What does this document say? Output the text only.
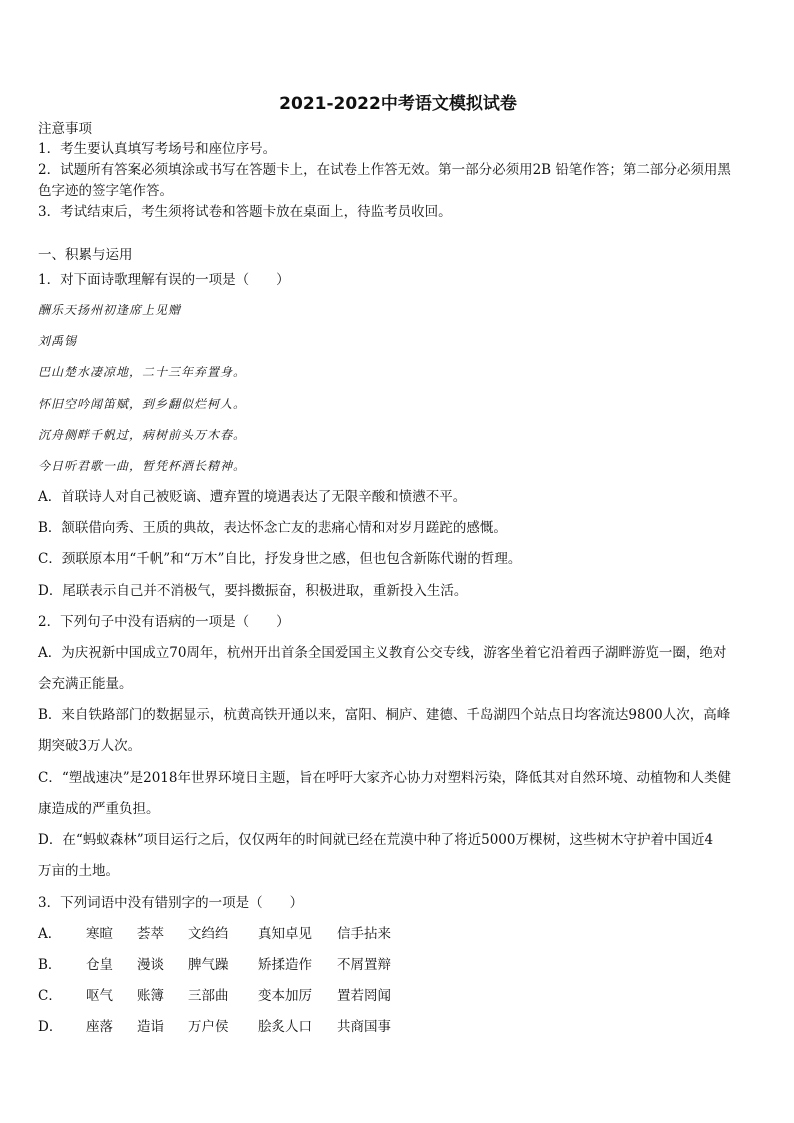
2021-2022中考语文模拟试卷
注意事项
1．考生要认真填写考场号和座位序号。
2．试题所有答案必须填涂或书写在答题卡上，在试卷上作答无效。第一部分必须用2B 铅笔作答；第二部分必须用黑
色字迹的签字笔作答。
3．考试结束后，考生须将试卷和答题卡放在桌面上，待监考员收回。
一、积累与运用
1．对下面诗歌理解有误的一项是（　　）
酬乐天扬州初逢席上见赠
刘禹锡
巴山楚水凄凉地，二十三年弃置身。
怀旧空吟闻笛赋，到乡翻似烂柯人。
沉舟侧畔千帆过，病树前头万木春。
今日听君歌一曲，暂凭杯酒长精神。
A．首联诗人对自己被贬谪、遭弃置的境遇表达了无限辛酸和愤懑不平。
B．颔联借向秀、王质的典故，表达怀念亡友的悲痛心情和对岁月蹉跎的感慨。
C．颈联原本用“千帆”和“万木”自比，抒发身世之感，但也包含新陈代谢的哲理。
D．尾联表示自己并不消极气，要抖擞振奋，积极进取，重新投入生活。
2．下列句子中没有语病的一项是（　　）
A．为庆祝新中国成立70周年，杭州开出首条全国爱国主义教育公交专线，游客坐着它沿着西子湖畔游览一圈，绝对
会充满正能量。
B．来自铁路部门的数据显示，杭黄高铁开通以来，富阳、桐庐、建德、千岛湖四个站点日均客流达9800人次，高峰
期突破3万人次。
C．“塑战速决”是2018年世界环境日主题，旨在呼吁大家齐心协力对塑料污染，降低其对自然环境、动植物和人类健
康造成的严重负担。
D．在“蚂蚁森林”项目运行之后，仅仅两年的时间就已经在荒漠中种了将近5000万棵树，这些树木守护着中国近4
万亩的土地。
3．下列词语中没有错别字的一项是（　　）
A． 寒暄 荟萃 文绉绉 真知卓见 信手拈来
B． 仓皇 漫谈 脾气躁 矫揉造作 不屑置辩
C． 呕气 账簿 三部曲 变本加厉 置若罔闻
D． 座落 造诣 万户侯 脍炙人口 共商国事
